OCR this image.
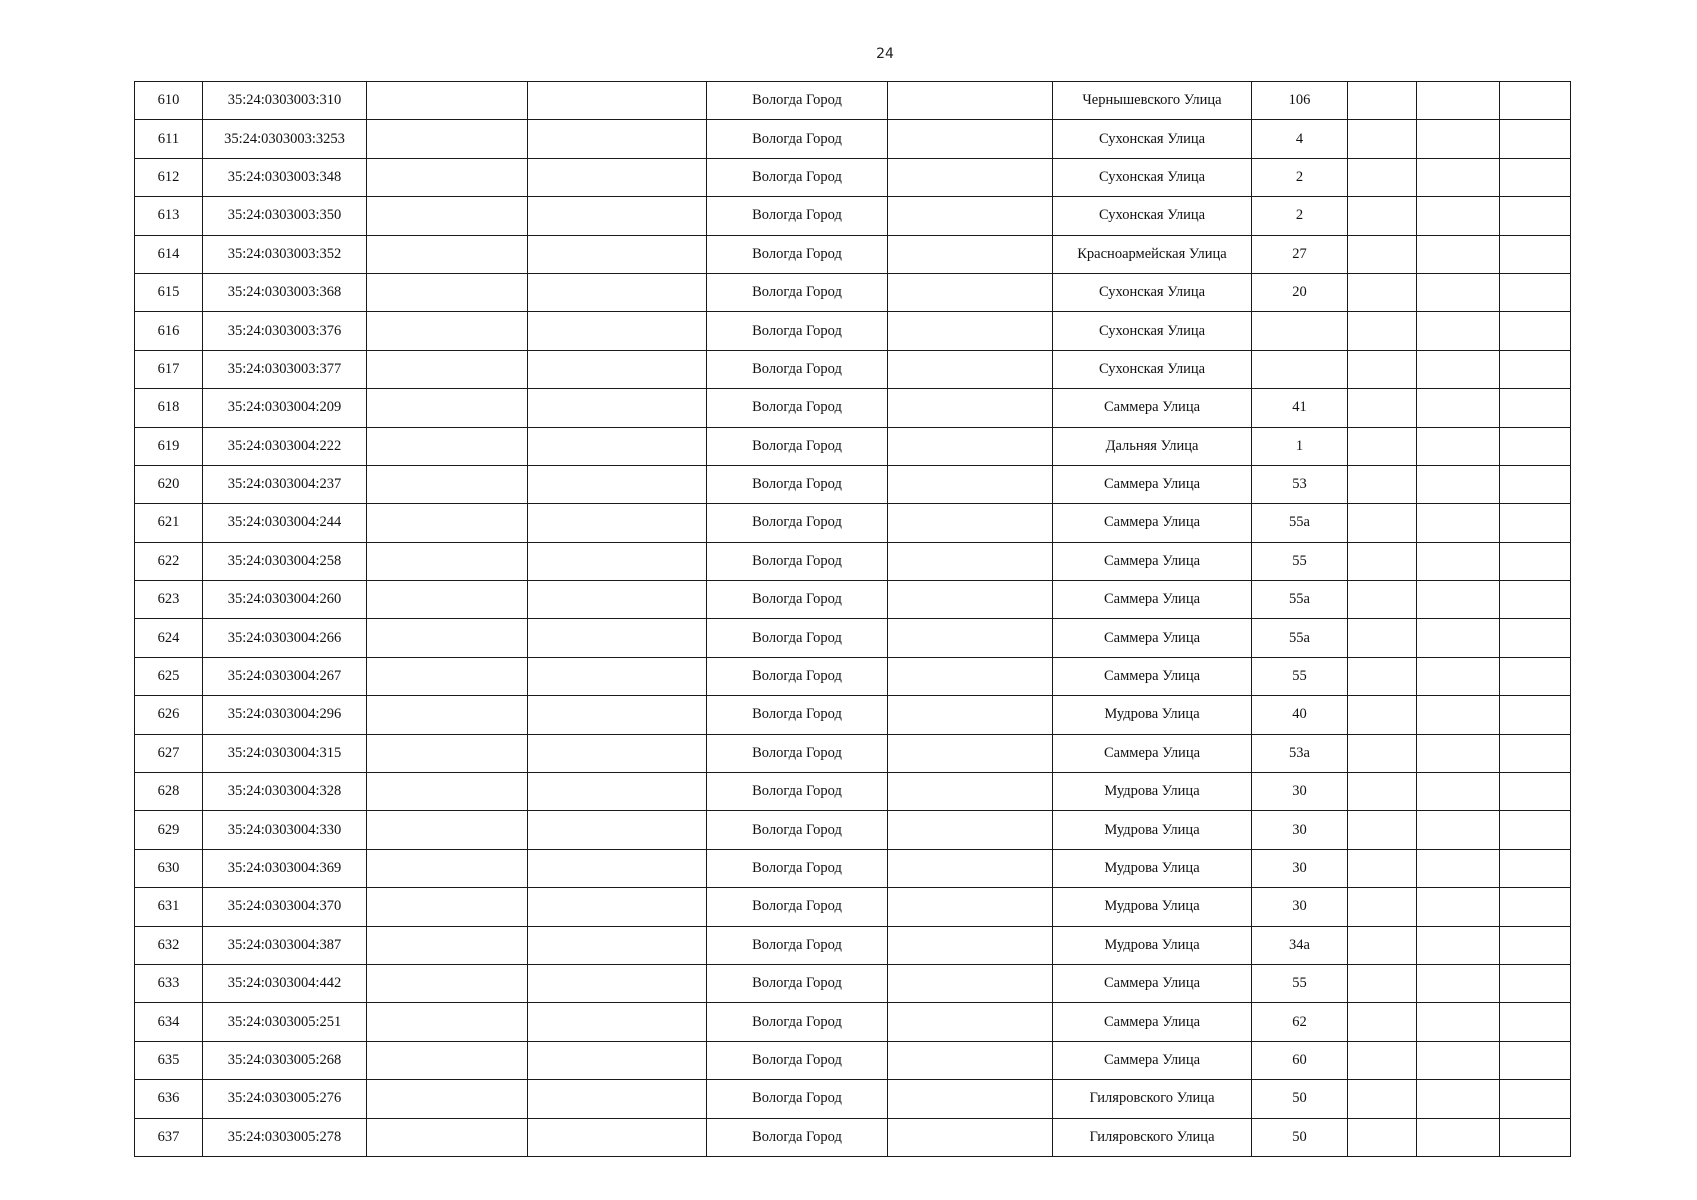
24
610	35:24:0303003:310			Вологда Город		Чернышевского Улица	106			
611	35:24:0303003:3253			Вологда Город		Сухонская Улица	4			
612	35:24:0303003:348			Вологда Город		Сухонская Улица	2			
613	35:24:0303003:350			Вологда Город		Сухонская Улица	2			
614	35:24:0303003:352			Вологда Город		Красноармейская Улица	27			
615	35:24:0303003:368			Вологда Город		Сухонская Улица	20			
616	35:24:0303003:376			Вологда Город		Сухонская Улица				
617	35:24:0303003:377			Вологда Город		Сухонская Улица				
618	35:24:0303004:209			Вологда Город		Саммера Улица	41			
619	35:24:0303004:222			Вологда Город		Дальняя Улица	1			
620	35:24:0303004:237			Вологда Город		Саммера Улица	53			
621	35:24:0303004:244			Вологда Город		Саммера Улица	55а			
622	35:24:0303004:258			Вологда Город		Саммера Улица	55			
623	35:24:0303004:260			Вологда Город		Саммера Улица	55а			
624	35:24:0303004:266			Вологда Город		Саммера Улица	55а			
625	35:24:0303004:267			Вологда Город		Саммера Улица	55			
626	35:24:0303004:296			Вологда Город		Мудрова Улица	40			
627	35:24:0303004:315			Вологда Город		Саммера Улица	53а			
628	35:24:0303004:328			Вологда Город		Мудрова Улица	30			
629	35:24:0303004:330			Вологда Город		Мудрова Улица	30			
630	35:24:0303004:369			Вологда Город		Мудрова Улица	30			
631	35:24:0303004:370			Вологда Город		Мудрова Улица	30			
632	35:24:0303004:387			Вологда Город		Мудрова Улица	34а			
633	35:24:0303004:442			Вологда Город		Саммера Улица	55			
634	35:24:0303005:251			Вологда Город		Саммера Улица	62			
635	35:24:0303005:268			Вологда Город		Саммера Улица	60			
636	35:24:0303005:276			Вологда Город		Гиляровского Улица	50			
637	35:24:0303005:278			Вологда Город		Гиляровского Улица	50			
